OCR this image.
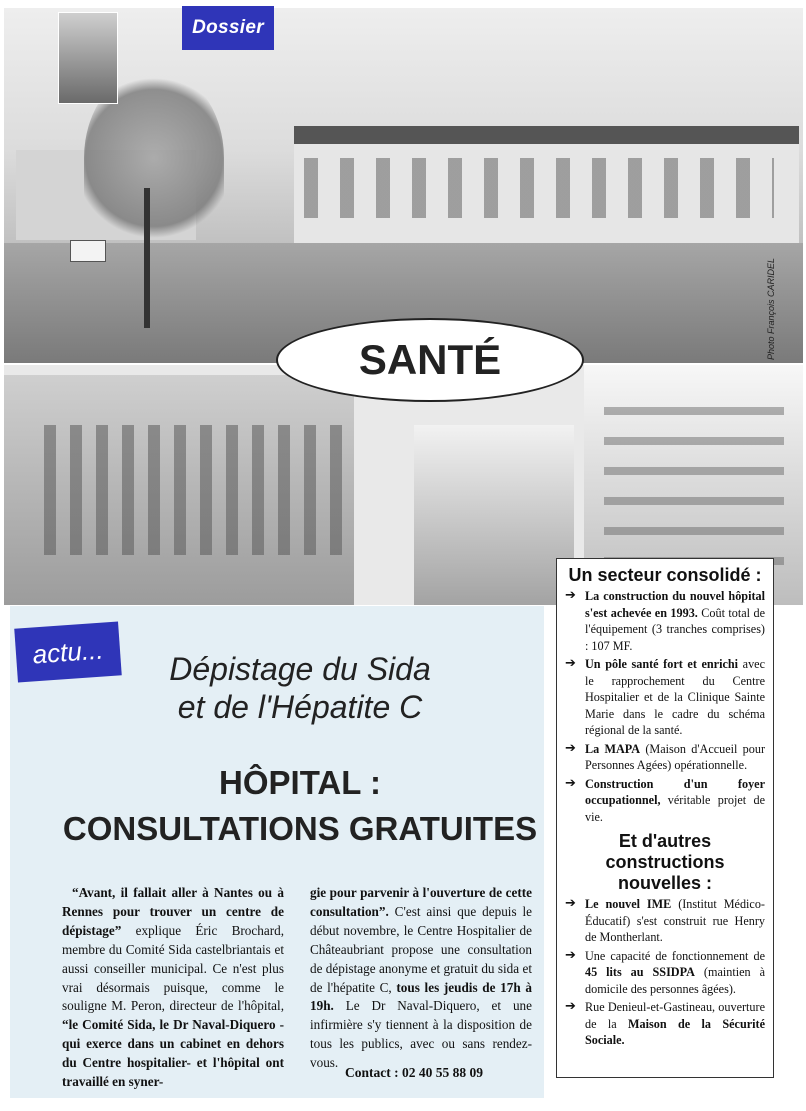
Photo François CARIDEL
Dossier
SANTÉ
actu...	Dépistage du Sida
et de l'Hépatite C
HÔPITAL :
CONSULTATIONS GRATUITES
“Avant, il fallait aller à Nantes ou à Rennes pour trouver un centre de dépistage” explique Éric Brochard, membre du Comité Sida castelbriantais et aussi conseiller municipal. Ce n'est plus vrai désormais puisque, comme le souligne M. Peron, directeur de l'hôpital, “le Comité Sida, le Dr Naval-Diquero -qui exerce dans un cabinet en dehors du Centre hospitalier- et l'hôpital ont travaillé en syner-
gie pour parvenir à l'ouverture de cette consultation”. C'est ainsi que depuis le début novembre, le Centre Hospitalier de Châteaubriant propose une consultation de dépistage anonyme et gratuit du sida et de l'hépatite C, tous les jeudis de 17h à 19h. Le Dr Naval-Diquero, et une infirmière s'y tiennent à la disposition de tous les publics, avec ou sans rendez-vous.
Contact : 02 40 55 88 09
Un secteur consolidé :
➔ La construction du nouvel hôpital s'est achevée en 1993. Coût total de l'équipement (3 tranches comprises) : 107 MF.
➔ Un pôle santé fort et enrichi avec le rapprochement du Centre Hospitalier et de la Clinique Sainte Marie dans le cadre du schéma régional de la santé.
➔ La MAPA (Maison d'Accueil pour Personnes Agées) opérationnelle.
➔ Construction d'un foyer occupationnel, véritable projet de vie.
Et d'autres
constructions nouvelles :
➔ Le nouvel IME (Institut Médico-Éducatif) s'est construit rue Henry de Montherlant.
➔ Une capacité de fonctionnement de 45 lits au SSIDPA (maintien à domicile des personnes âgées).
➔ Rue Denieul-et-Gastineau, ouverture de la Maison de la Sécurité Sociale.
